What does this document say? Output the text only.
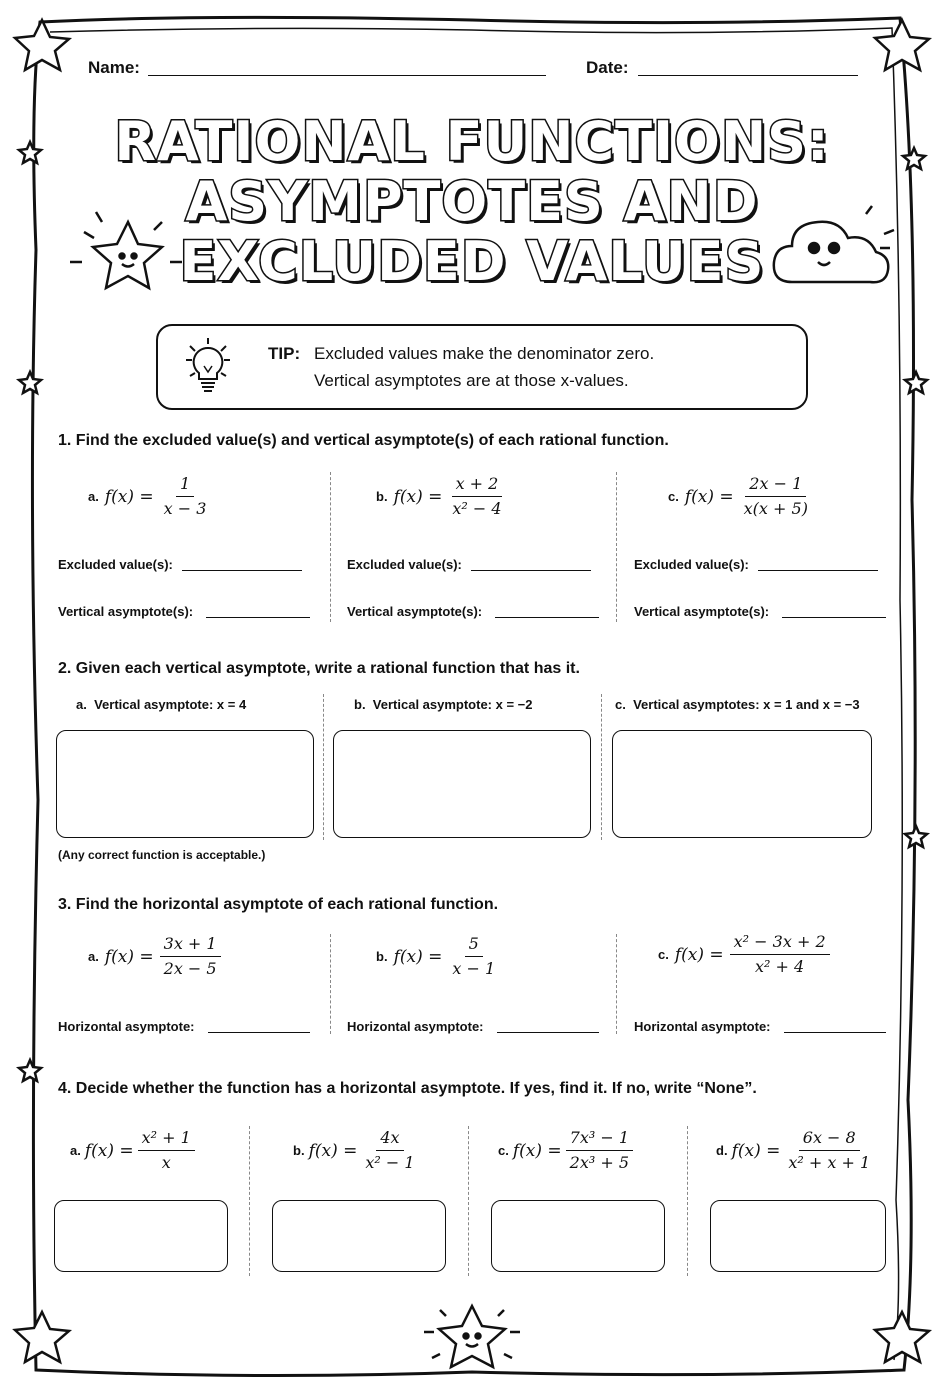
Name:	Date:
RATIONAL FUNCTIONS:
ASYMPTOTES AND
EXCLUDED VALUES
TIP: Excluded values make the denominator zero.
Vertical asymptotes are at those x-values.
1. Find the excluded value(s) and vertical asymptote(s) of each rational function.
a. $f(x) = \frac{1}{x - 3}$	b. $f(x) = \frac{x + 2}{\text{x² − 4}}$	c. $f(x) = \frac{2x - 1}{x(x + 5)}$
Excluded value(s):	Excluded value(s):	Excluded value(s):
Vertical asymptote(s):	Vertical asymptote(s):	Vertical asymptote(s):
2. Given each vertical asymptote, write a rational function that has it.
a. Vertical asymptote: x = 4	b. Vertical asymptote: x = −2	c. Vertical asymptotes: x = 1 and x = −3
(Any correct function is acceptable.)
3. Find the horizontal asymptote of each rational function.
a. $f(x) = \frac{3x + 1}{2x - 5}$	b. $f(x) = \frac{5}{x - 1}$	c. $f(x) = \frac{\text{x² − 3x + 2}}{\text{x² + 4}}$
Horizontal asymptote:	Horizontal asymptote:	Horizontal asymptote:
4. Decide whether the function has a horizontal asymptote. If yes, find it. If no, write “None”.
a. $f(x) = \frac{\text{x² + 1}}{x}$	b. $f(x) = \frac{4x}{\text{x² − 1}}$	c. $f(x) = \frac{\text{7x³ − 1}}{\text{2x³ + 5}}$	d. $f(x) = \frac{6x - 8}{\text{x² + x + 1}}$
